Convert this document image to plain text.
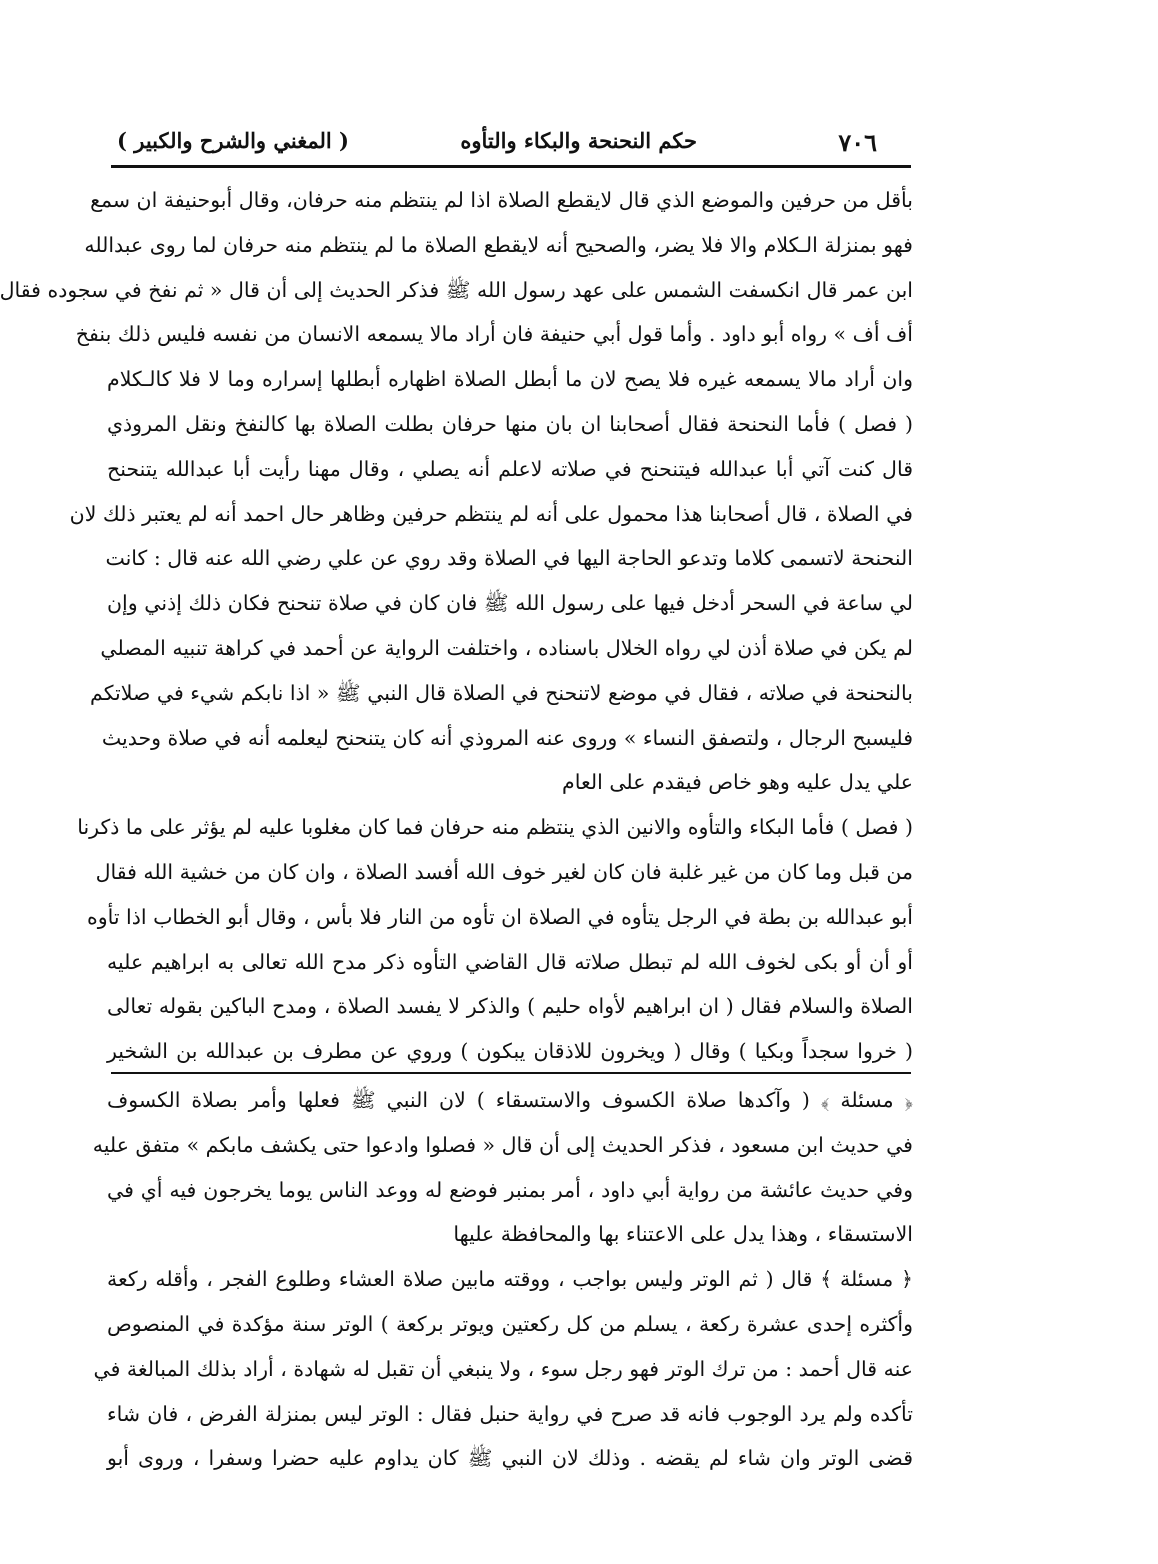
٧٠٦
حكم النحنحة والبكاء والتأوه
( المغني والشرح والكبير )
بأقل من حرفين والموضع الذي قال لايقطع الصلاة اذا لم ينتظم منه حرفان، وقال أبوحنيفة ان سمع
فهو بمنزلة الـكلام والا فلا يضر، والصحيح أنه لايقطع الصلاة ما لم ينتظم منه حرفان لما روى عبدالله
ابن عمر قال انكسفت الشمس على عهد رسول الله ﷺ فذكر الحديث إلى أن قال « ثم نفخ في سجوده فقال
أف أف » رواه أبو داود . وأما قول أبي حنيفة فان أراد مالا يسمعه الانسان من نفسه فليس ذلك بنفخ
وان أراد مالا يسمعه غيره فلا يصح لان ما أبطل الصلاة اظهاره أبطلها إسراره وما لا فلا كالـكلام
( فصل ) فأما النحنحة فقال أصحابنا ان بان منها حرفان بطلت الصلاة بها كالنفخ ونقل المروذي
قال كنت آتي أبا عبدالله فيتنحنح في صلاته لاعلم أنه يصلي ، وقال مهنا رأيت أبا عبدالله يتنحنح
في الصلاة ، قال أصحابنا هذا محمول على أنه لم ينتظم حرفين وظاهر حال احمد أنه لم يعتبر ذلك لان
النحنحة لاتسمى كلاما وتدعو الحاجة اليها في الصلاة وقد روي عن علي رضي الله عنه قال : كانت
لي ساعة في السحر أدخل فيها على رسول الله ﷺ فان كان في صلاة تنحنح فكان ذلك إذني وإن
لم يكن في صلاة أذن لي رواه الخلال باسناده ، واختلفت الرواية عن أحمد في كراهة تنبيه المصلي
بالنحنحة في صلاته ، فقال في موضع لاتنحنح في الصلاة قال النبي ﷺ « اذا نابكم شيء في صلاتكم
فليسبح الرجال ، ولتصفق النساء » وروى عنه المروذي أنه كان يتنحنح ليعلمه أنه في صلاة وحديث
علي يدل عليه وهو خاص فيقدم على العام
( فصل ) فأما البكاء والتأوه والانين الذي ينتظم منه حرفان فما كان مغلوبا عليه لم يؤثر على ما ذكرنا
من قبل وما كان من غير غلبة فان كان لغير خوف الله أفسد الصلاة ، وان كان من خشية الله فقال
أبو عبدالله بن بطة في الرجل يتأوه في الصلاة ان تأوه من النار فلا بأس ، وقال أبو الخطاب اذا تأوه
أو أن أو بكى لخوف الله لم تبطل صلاته قال القاضي التأوه ذكر مدح الله تعالى به ابراهيم عليه
الصلاة والسلام فقال ( ان ابراهيم لأواه حليم ) والذكر لا يفسد الصلاة ، ومدح الباكين بقوله تعالى
( خروا سجداً وبكيا ) وقال ( ويخرون للاذقان يبكون ) وروي عن مطرف بن عبدالله بن الشخير
﴿ مسئلة ﴾ ( وآكدها صلاة الكسوف والاستسقاء ) لان النبي ﷺ فعلها وأمر بصلاة الكسوف
في حديث ابن مسعود ، فذكر الحديث إلى أن قال « فصلوا وادعوا حتى يكشف مابكم » متفق عليه
وفي حديث عائشة من رواية أبي داود ، أمر بمنبر فوضع له ووعد الناس يوما يخرجون فيه أي في
الاستسقاء ، وهذا يدل على الاعتناء بها والمحافظة عليها
﴿ مسئلة ﴾ قال ( ثم الوتر وليس بواجب ، ووقته مابين صلاة العشاء وطلوع الفجر ، وأقله ركعة
وأكثره إحدى عشرة ركعة ، يسلم من كل ركعتين ويوتر بركعة ) الوتر سنة مؤكدة في المنصوص
عنه قال أحمد : من ترك الوتر فهو رجل سوء ، ولا ينبغي أن تقبل له شهادة ، أراد بذلك المبالغة في
تأكده ولم يرد الوجوب فانه قد صرح في رواية حنبل فقال : الوتر ليس بمنزلة الفرض ، فان شاء
قضى الوتر وان شاء لم يقضه . وذلك لان النبي ﷺ كان يداوم عليه حضرا وسفرا ، وروى أبو
